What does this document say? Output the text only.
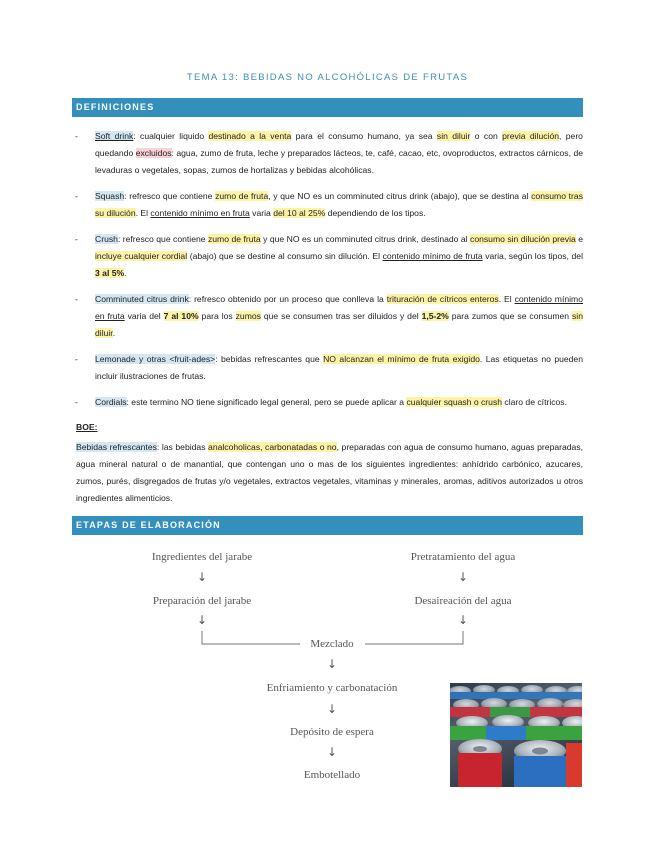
TEMA 13: BEBIDAS NO ALCOHÓLICAS DE FRUTAS
DEFINICIONES
- Soft drink: cualquier liquido destinado a la venta para el consumo humano, ya sea sin diluir o con previa dilución, pero quedando excluidos: agua, zumo de fruta, leche y preparados lácteos, te, café, cacao, etc, ovoproductos, extractos cárnicos, de levaduras o vegetales, sopas, zumos de hortalizas y bebidas alcohólicas.
- Squash: refresco que contiene zumo de fruta, y que NO es un comminuted citrus drink (abajo), que se destina al consumo tras su dilución. El contenido mínimo en fruta varia del 10 al 25% dependiendo de los tipos.
- Crush: refresco que contiene zumo de fruta y que NO es un comminuted citrus drink, destinado al consumo sin dilución previa e incluye cualquier cordial (abajo) que se destine al consumo sin dilución. El contenido mínimo de fruta varia, según los tipos, del 3 al 5%.
- Comminuted citrus drink: refresco obtenido por un proceso que conlleva la trituración de cítricos enteros. El contenido mínimo en fruta varia del 7 al 10% para los zumos que se consumen tras ser diluidos y del 1,5-2% para zumos que se consumen sin diluir.
- Lemonade y otras <fruit-ades>: bebidas refrescantes que NO alcanzan el mínimo de fruta exigido. Las etiquetas no pueden incluir ilustraciones de frutas.
- Cordials: este termino NO tiene significado legal general, pero se puede aplicar a cualquier squash o crush claro de cítricos.
BOE:
Bebidas refrescantes: las bebidas analcoholicas, carbonatadas o no, preparadas con agua de consumo humano, aguas preparadas, agua mineral natural o de manantial, que contengan uno o mas de los siguientes ingredientes: anhídrido carbónico, azucares, zumos, purés, disgregados de frutas y/o vegetales, extractos vegetales, vitaminas y minerales, aromas, aditivos autorizados u otros ingredientes alimenticios.
ETAPAS DE ELABORACIÓN
Ingredientes del jarabe
↓
Preparación del jarabe
↓
Pretratamiento del agua
↓
Desaireación del agua
↓
Mezclado
↓
Enfriamiento y carbonatación
↓
Depósito de espera
↓
Embotellado
